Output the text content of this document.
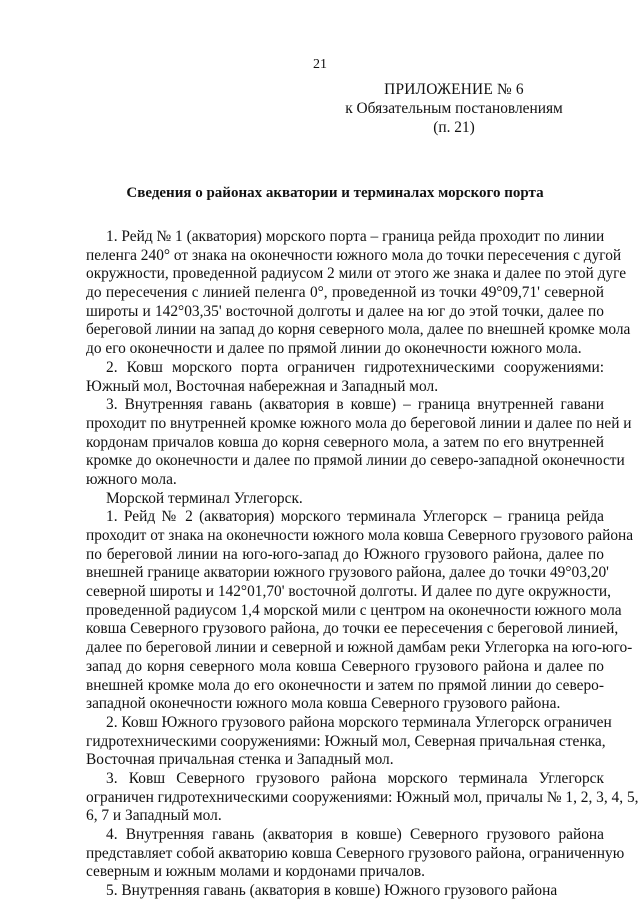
21
ПРИЛОЖЕНИЕ № 6
к Обязательным постановлениям
(п. 21)
Сведения о районах акватории и терминалах морского порта
1. Рейд № 1 (акватория) морского порта – граница рейда проходит по линии
пеленга 240° от знака на оконечности южного мола до точки пересечения с дугой
окружности, проведенной радиусом 2 мили от этого же знака и далее по этой дуге
до пересечения с линией пеленга 0°, проведенной из точки 49°09,71' северной
широты и 142°03,35' восточной долготы и далее на юг до этой точки, далее по
береговой линии на запад до корня северного мола, далее по внешней кромке мола
до его оконечности и далее по прямой линии до оконечности южного мола.
2. Ковш морского порта ограничен гидротехническими сооружениями:
Южный мол, Восточная набережная и Западный мол.
3. Внутренняя гавань (акватория в ковше) – граница внутренней гавани
проходит по внутренней кромке южного мола до береговой линии и далее по ней и
кордонам причалов ковша до корня северного мола, а затем по его внутренней
кромке до оконечности и далее по прямой линии до северо-западной оконечности
южного мола.
Морской терминал Углегорск.
1. Рейд № 2 (акватория) морского терминала Углегорск – граница рейда
проходит от знака на оконечности южного мола ковша Северного грузового района
по береговой линии на юго-юго-запад до Южного грузового района, далее по
внешней границе акватории южного грузового района, далее до точки 49°03,20'
северной широты и 142°01,70' восточной долготы. И далее по дуге окружности,
проведенной радиусом 1,4 морской мили с центром на оконечности южного мола
ковша Северного грузового района, до точки ее пересечения с береговой линией,
далее по береговой линии и северной и южной дамбам реки Углегорка на юго-юго-
запад до корня северного мола ковша Северного грузового района и далее по
внешней кромке мола до его оконечности и затем по прямой линии до северо-
западной оконечности южного мола ковша Северного грузового района.
2. Ковш Южного грузового района морского терминала Углегорск ограничен
гидротехническими сооружениями: Южный мол, Северная причальная стенка,
Восточная причальная стенка и Западный мол.
3. Ковш Северного грузового района морского терминала Углегорск
ограничен гидротехническими сооружениями: Южный мол, причалы № 1, 2, 3, 4, 5,
6, 7 и Западный мол.
4. Внутренняя гавань (акватория в ковше) Северного грузового района
представляет собой акваторию ковша Северного грузового района, ограниченную
северным и южным молами и кордонами причалов.
5. Внутренняя гавань (акватория в ковше) Южного грузового района
